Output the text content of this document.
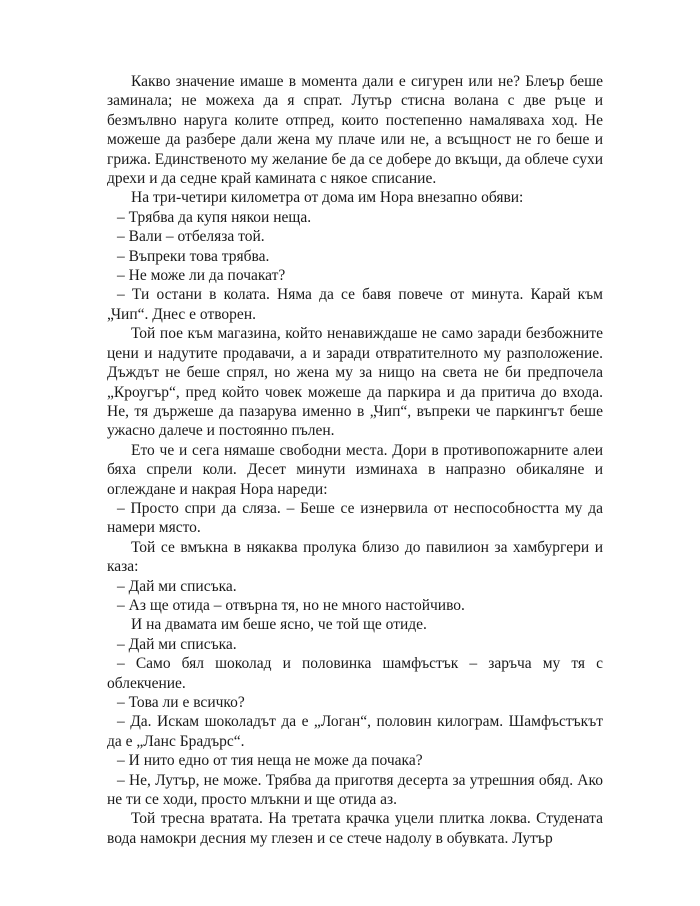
Какво значение имаше в момента дали е сигурен или не? Блеър беше заминала; не можеха да я спрат. Лутър стисна волана с две ръце и безмълвно наруга колите отпред, които постепенно намаляваха ход. Не можеше да разбере дали жена му плаче или не, а всъщност не го беше и грижа. Единственото му желание бе да се добере до вкъщи, да облече сухи дрехи и да седне край камината с някое списание.

На три-четири километра от дома им Нора внезапно обяви:

– Трябва да купя някои неща.

– Вали – отбеляза той.

– Въпреки това трябва.

– Не може ли да почакат?

– Ти остани в колата. Няма да се бавя повече от минута. Карай към „Чип“. Днес е отворен.

Той пое към магазина, който ненавиждаше не само заради безбожните цени и надутите продавачи, а и заради отвратителното му разположение. Дъждът не беше спрял, но жена му за нищо на света не би предпочела „Кроугър“, пред който човек можеше да паркира и да притича до входа. Не, тя държеше да пазарува именно в „Чип“, въпреки че паркингът беше ужасно далече и постоянно пълен.

Ето че и сега нямаше свободни места. Дори в противопожарните алеи бяха спрели коли. Десет минути изминаха в напразно обикаляне и оглеждане и накрая Нора нареди:

– Просто спри да сляза. – Беше се изнервила от неспособността му да намери място.

Той се вмъкна в някаква пролука близо до павилион за хамбургери и каза:

– Дай ми списъка.

– Аз ще отида – отвърна тя, но не много настойчиво.

И на двамата им беше ясно, че той ще отиде.

– Дай ми списъка.

– Само бял шоколад и половинка шамфъстък – заръча му тя с облекчение.

– Това ли е всичко?

– Да. Искам шоколадът да е „Логан“, половин килограм. Шамфъстъкът да е „Ланс Брадърс“.

– И нито едно от тия неща не може да почака?

– Не, Лутър, не може. Трябва да приготвя десерта за утрешния обяд. Ако не ти се ходи, просто млъкни и ще отида аз.

Той тресна вратата. На третата крачка уцели плитка локва. Студената вода намокри десния му глезен и се стече надолу в обувката. Лутър
